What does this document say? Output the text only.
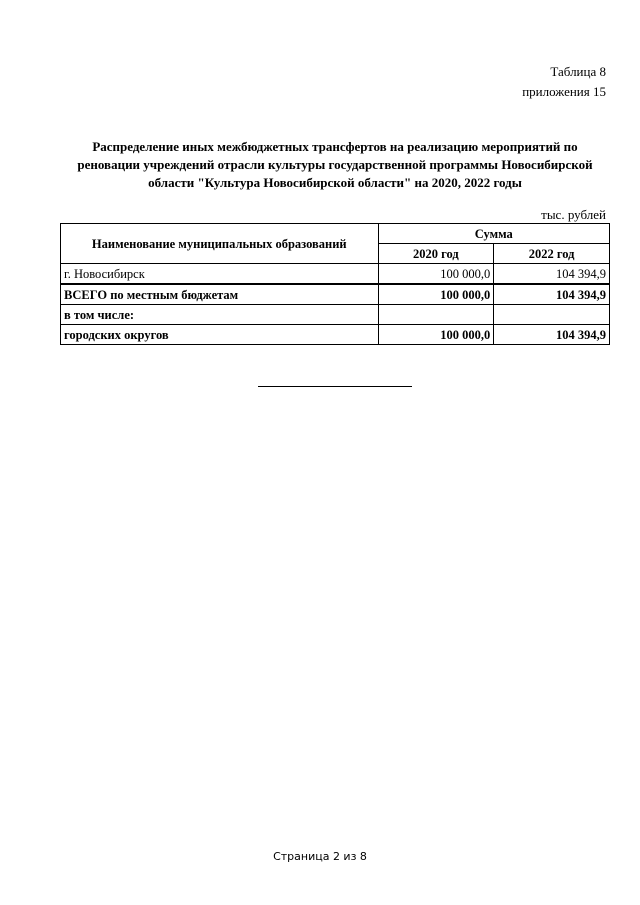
Таблица 8
приложения 15
Распределение иных межбюджетных трансфертов на реализацию мероприятий по
реновации учреждений отрасли культуры государственной программы Новосибирской
области "Культура Новосибирской области" на 2020, 2022 годы
тыс. рублей
Наименование муниципальных образований	Сумма	
	2020 год	2022 год
г. Новосибирск	100 000,0	104 394,9
ВСЕГО по местным бюджетам	100 000,0	104 394,9
в том числе:		
городских округов	100 000,0	104 394,9
Страница 2 из 8
